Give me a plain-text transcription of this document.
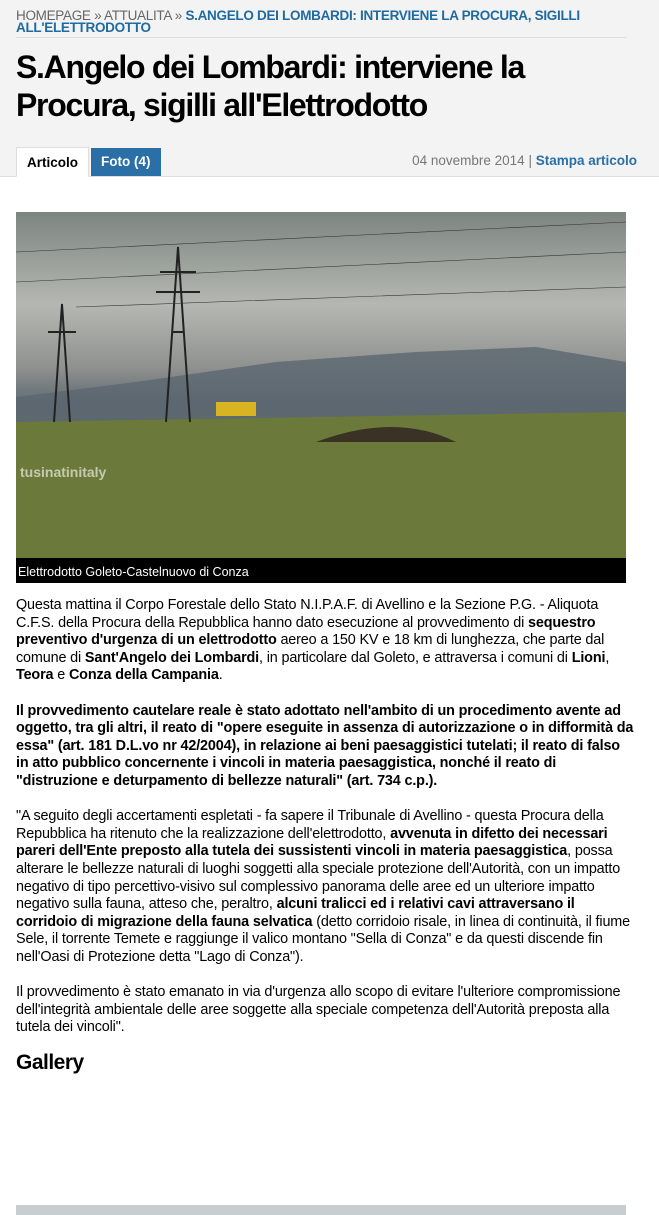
HOMEPAGE » ATTUALITA » S.ANGELO DEI LOMBARDI: INTERVIENE LA PROCURA, SIGILLI ALL'ELETTRODOTTO
S.Angelo dei Lombardi: interviene la Procura, sigilli all'Elettrodotto
Articolo	Foto (4)	04 novembre 2014 | Stampa articolo
tusinatinitaly
Elettrodotto Goleto-Castelnuovo di Conza

Questa mattina il Corpo Forestale dello Stato N.I.P.A.F. di Avellino e la Sezione P.G. - Aliquota C.F.S. della Procura della Repubblica hanno dato esecuzione al provvedimento di sequestro preventivo d'urgenza di un elettrodotto aereo a 150 KV e 18 km di lunghezza, che parte dal comune di Sant'Angelo dei Lombardi, in particolare dal Goleto, e attraversa i comuni di Lioni, Teora e Conza della Campania.

Il provvedimento cautelare reale è stato adottato nell'ambito di un procedimento avente ad oggetto, tra gli altri, il reato di "opere eseguite in assenza di autorizzazione o in difformità da essa" (art. 181 D.L.vo nr 42/2004), in relazione ai beni paesaggistici tutelati; il reato di falso in atto pubblico concernente i vincoli in materia paesaggistica, nonché il reato di "distruzione e deturpamento di bellezze naturali" (art. 734 c.p.).

"A seguito degli accertamenti espletati - fa sapere il Tribunale di Avellino - questa Procura della Repubblica ha ritenuto che la realizzazione dell'elettrodotto, avvenuta in difetto dei necessari pareri dell'Ente preposto alla tutela dei sussistenti vincoli in materia paesaggistica, possa alterare le bellezze naturali di luoghi soggetti alla speciale protezione dell'Autorità, con un impatto negativo di tipo percettivo-visivo sul complessivo panorama delle aree ed un ulteriore impatto negativo sulla fauna, atteso che, peraltro, alcuni tralicci ed i relativi cavi attraversano il corridoio di migrazione della fauna selvatica (detto corridoio risale, in linea di continuità, il fiume Sele, il torrente Temete e raggiunge il valico montano "Sella di Conza" e da questi discende fin nell'Oasi di Protezione detta "Lago di Conza").

Il provvedimento è stato emanato in via d'urgenza allo scopo di evitare l'ulteriore compromissione dell'integrità ambientale delle aree soggette alla speciale competenza dell'Autorità preposta alla tutela dei vincoli".

Gallery
